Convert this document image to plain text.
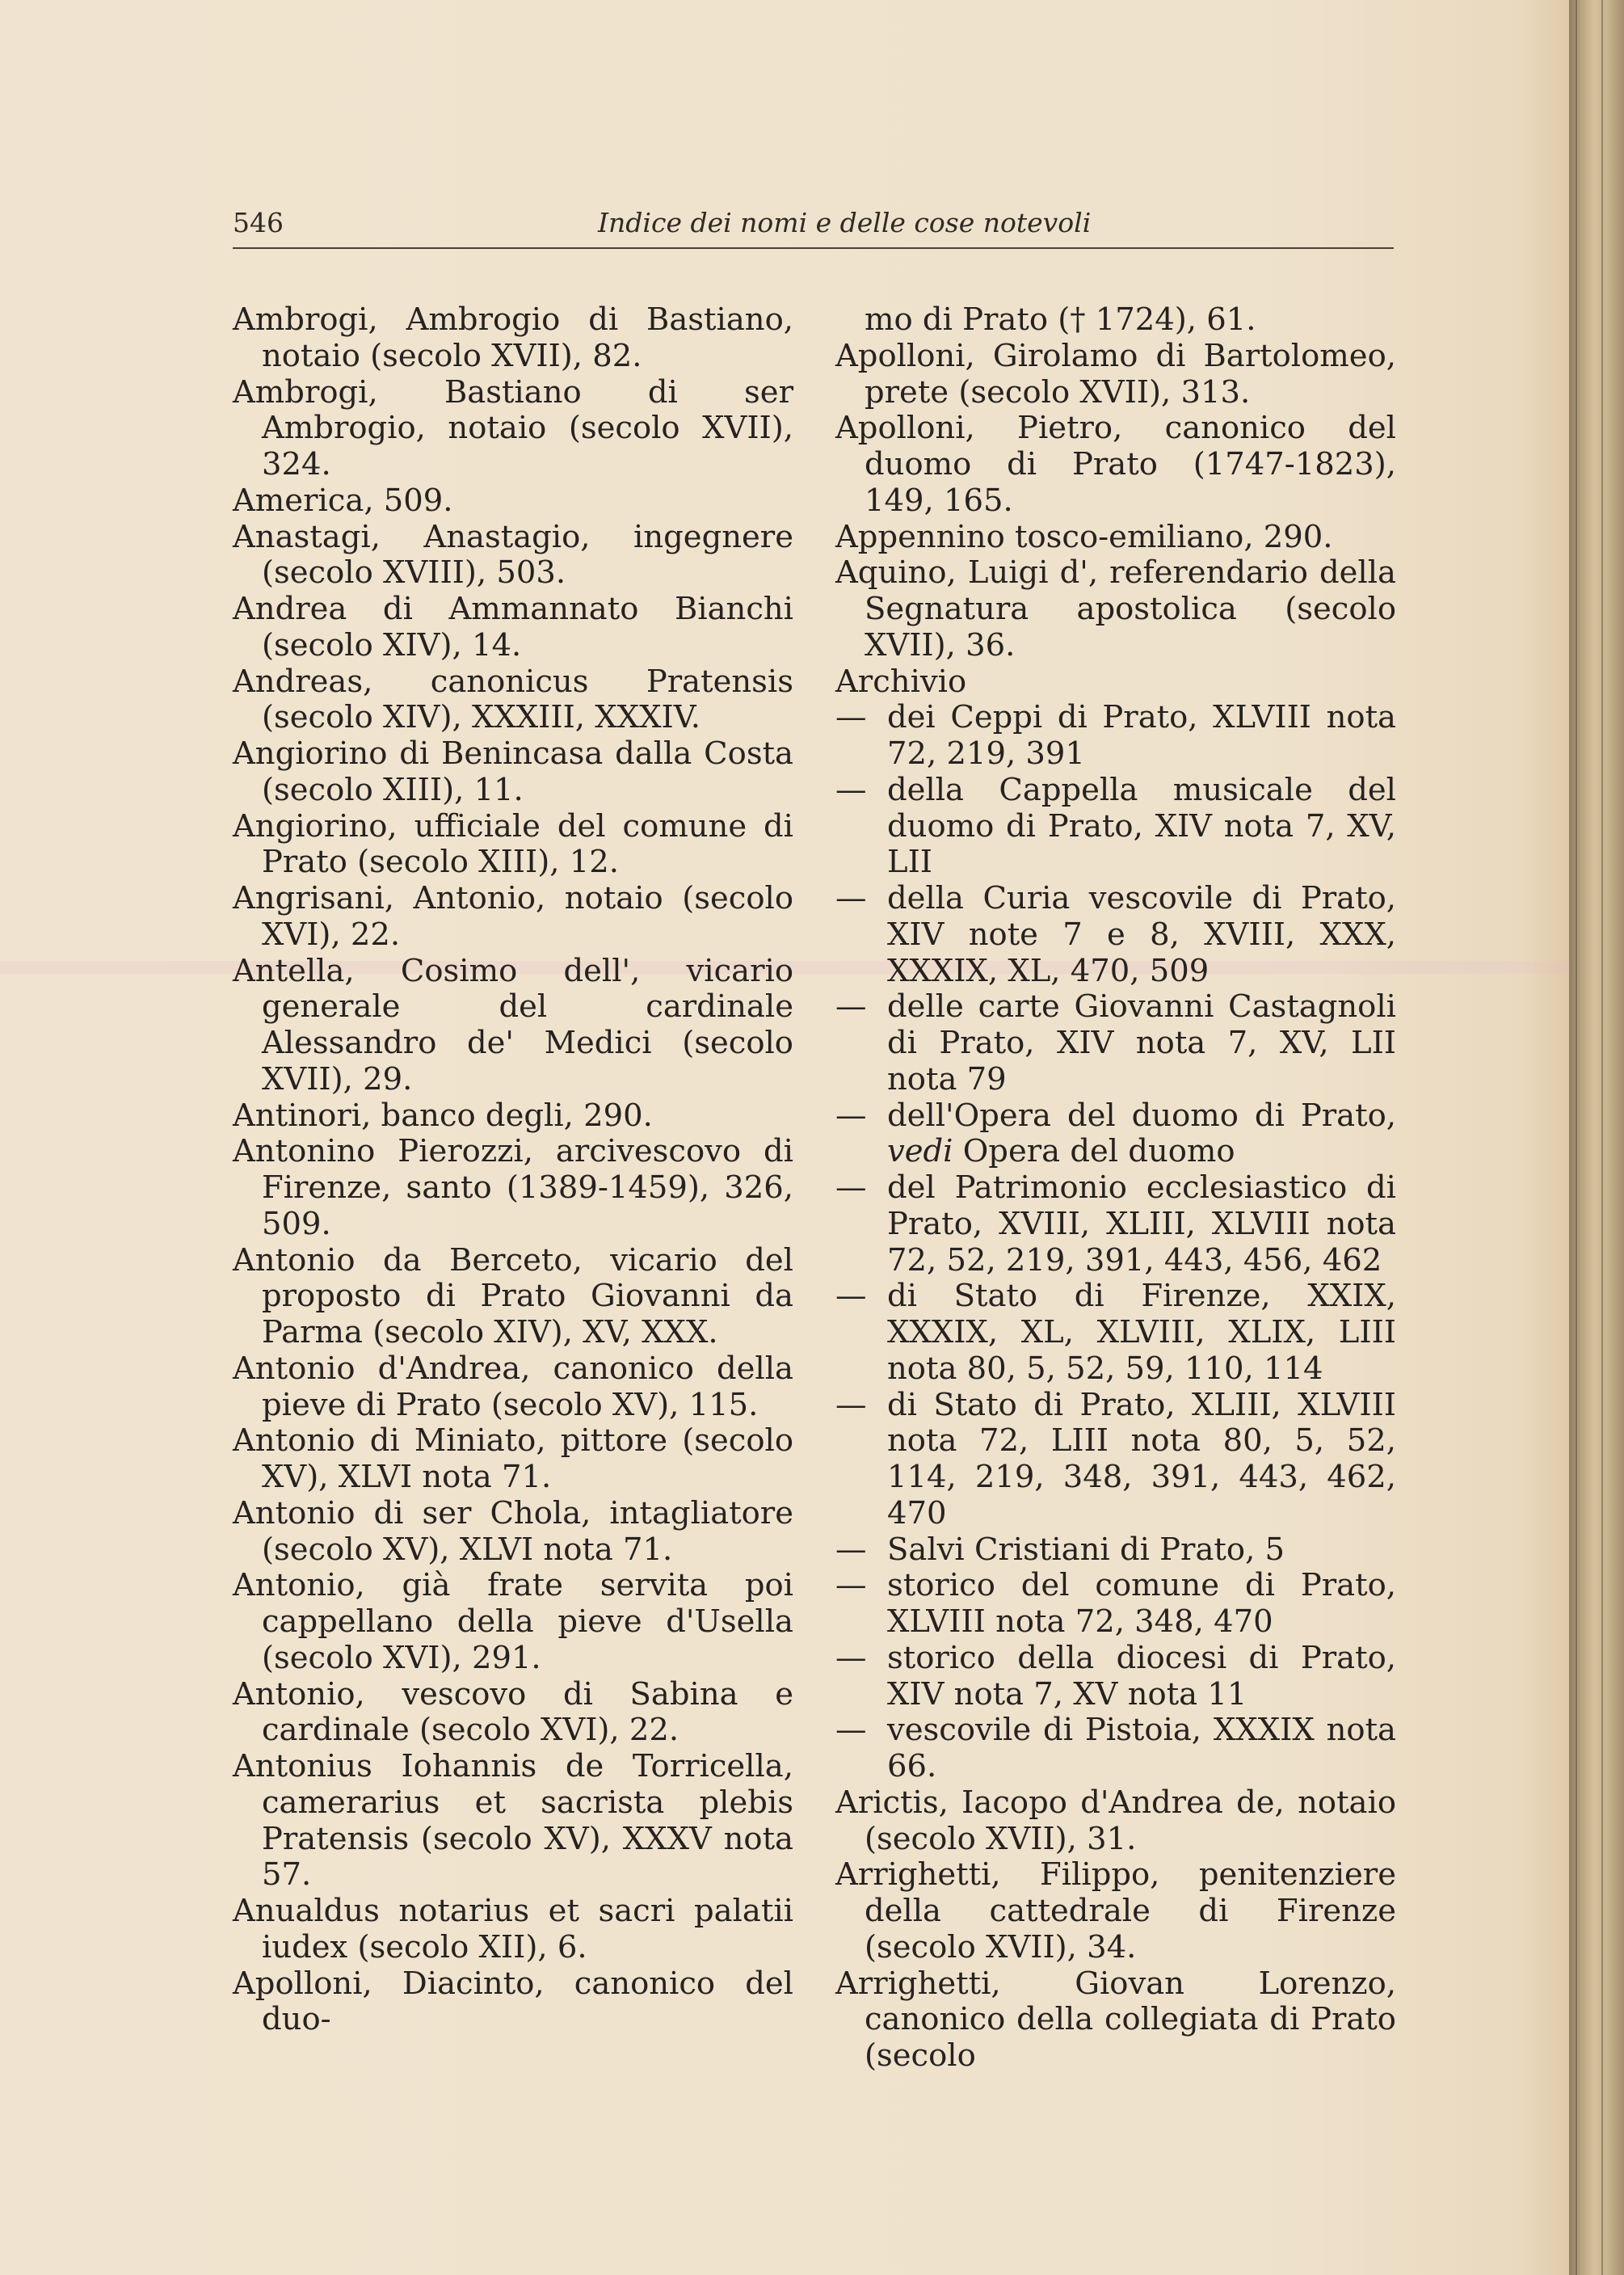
546	Indice dei nomi e delle cose notevoli
Ambrogi, Ambrogio di Bastiano, notaio (secolo XVII), 82.
Ambrogi, Bastiano di ser Ambrogio, notaio (secolo XVII), 324.
America, 509.
Anastagi, Anastagio, ingegnere (secolo XVIII), 503.
Andrea di Ammannato Bianchi (secolo XIV), 14.
Andreas, canonicus Pratensis (secolo XIV), XXXIII, XXXIV.
Angiorino di Benincasa dalla Costa (secolo XIII), 11.
Angiorino, ufficiale del comune di Prato (secolo XIII), 12.
Angrisani, Antonio, notaio (secolo XVI), 22.
Antella, Cosimo dell', vicario generale del cardinale Alessandro de' Medici (secolo XVII), 29.
Antinori, banco degli, 290.
Antonino Pierozzi, arcivescovo di Firenze, santo (1389-1459), 326, 509.
Antonio da Berceto, vicario del proposto di Prato Giovanni da Parma (secolo XIV), XV, XXX.
Antonio d'Andrea, canonico della pieve di Prato (secolo XV), 115.
Antonio di Miniato, pittore (secolo XV), XLVI nota 71.
Antonio di ser Chola, intagliatore (secolo XV), XLVI nota 71.
Antonio, già frate servita poi cappellano della pieve d'Usella (secolo XVI), 291.
Antonio, vescovo di Sabina e cardinale (secolo XVI), 22.
Antonius Iohannis de Torricella, camerarius et sacrista plebis Pratensis (secolo XV), XXXV nota 57.
Anualdus notarius et sacri palatii iudex (secolo XII), 6.
Apolloni, Diacinto, canonico del duo-
mo di Prato († 1724), 61.
Apolloni, Girolamo di Bartolomeo, prete (secolo XVII), 313.
Apolloni, Pietro, canonico del duomo di Prato (1747-1823), 149, 165.
Appennino tosco-emiliano, 290.
Aquino, Luigi d', referendario della Segnatura apostolica (secolo XVII), 36.
Archivio
— dei Ceppi di Prato, XLVIII nota 72, 219, 391
— della Cappella musicale del duomo di Prato, XIV nota 7, XV, LII
— della Curia vescovile di Prato, XIV note 7 e 8, XVIII, XXX, XXXIX, XL, 470, 509
— delle carte Giovanni Castagnoli di Prato, XIV nota 7, XV, LII nota 79
— dell'Opera del duomo di Prato, vedi Opera del duomo
— del Patrimonio ecclesiastico di Prato, XVIII, XLIII, XLVIII nota 72, 52, 219, 391, 443, 456, 462
— di Stato di Firenze, XXIX, XXXIX, XL, XLVIII, XLIX, LIII nota 80, 5, 52, 59, 110, 114
— di Stato di Prato, XLIII, XLVIII nota 72, LIII nota 80, 5, 52, 114, 219, 348, 391, 443, 462, 470
— Salvi Cristiani di Prato, 5
— storico del comune di Prato, XLVIII nota 72, 348, 470
— storico della diocesi di Prato, XIV nota 7, XV nota 11
— vescovile di Pistoia, XXXIX nota 66.
Arictis, Iacopo d'Andrea de, notaio (secolo XVII), 31.
Arrighetti, Filippo, penitenziere della cattedrale di Firenze (secolo XVII), 34.
Arrighetti, Giovan Lorenzo, canonico della collegiata di Prato (secolo
